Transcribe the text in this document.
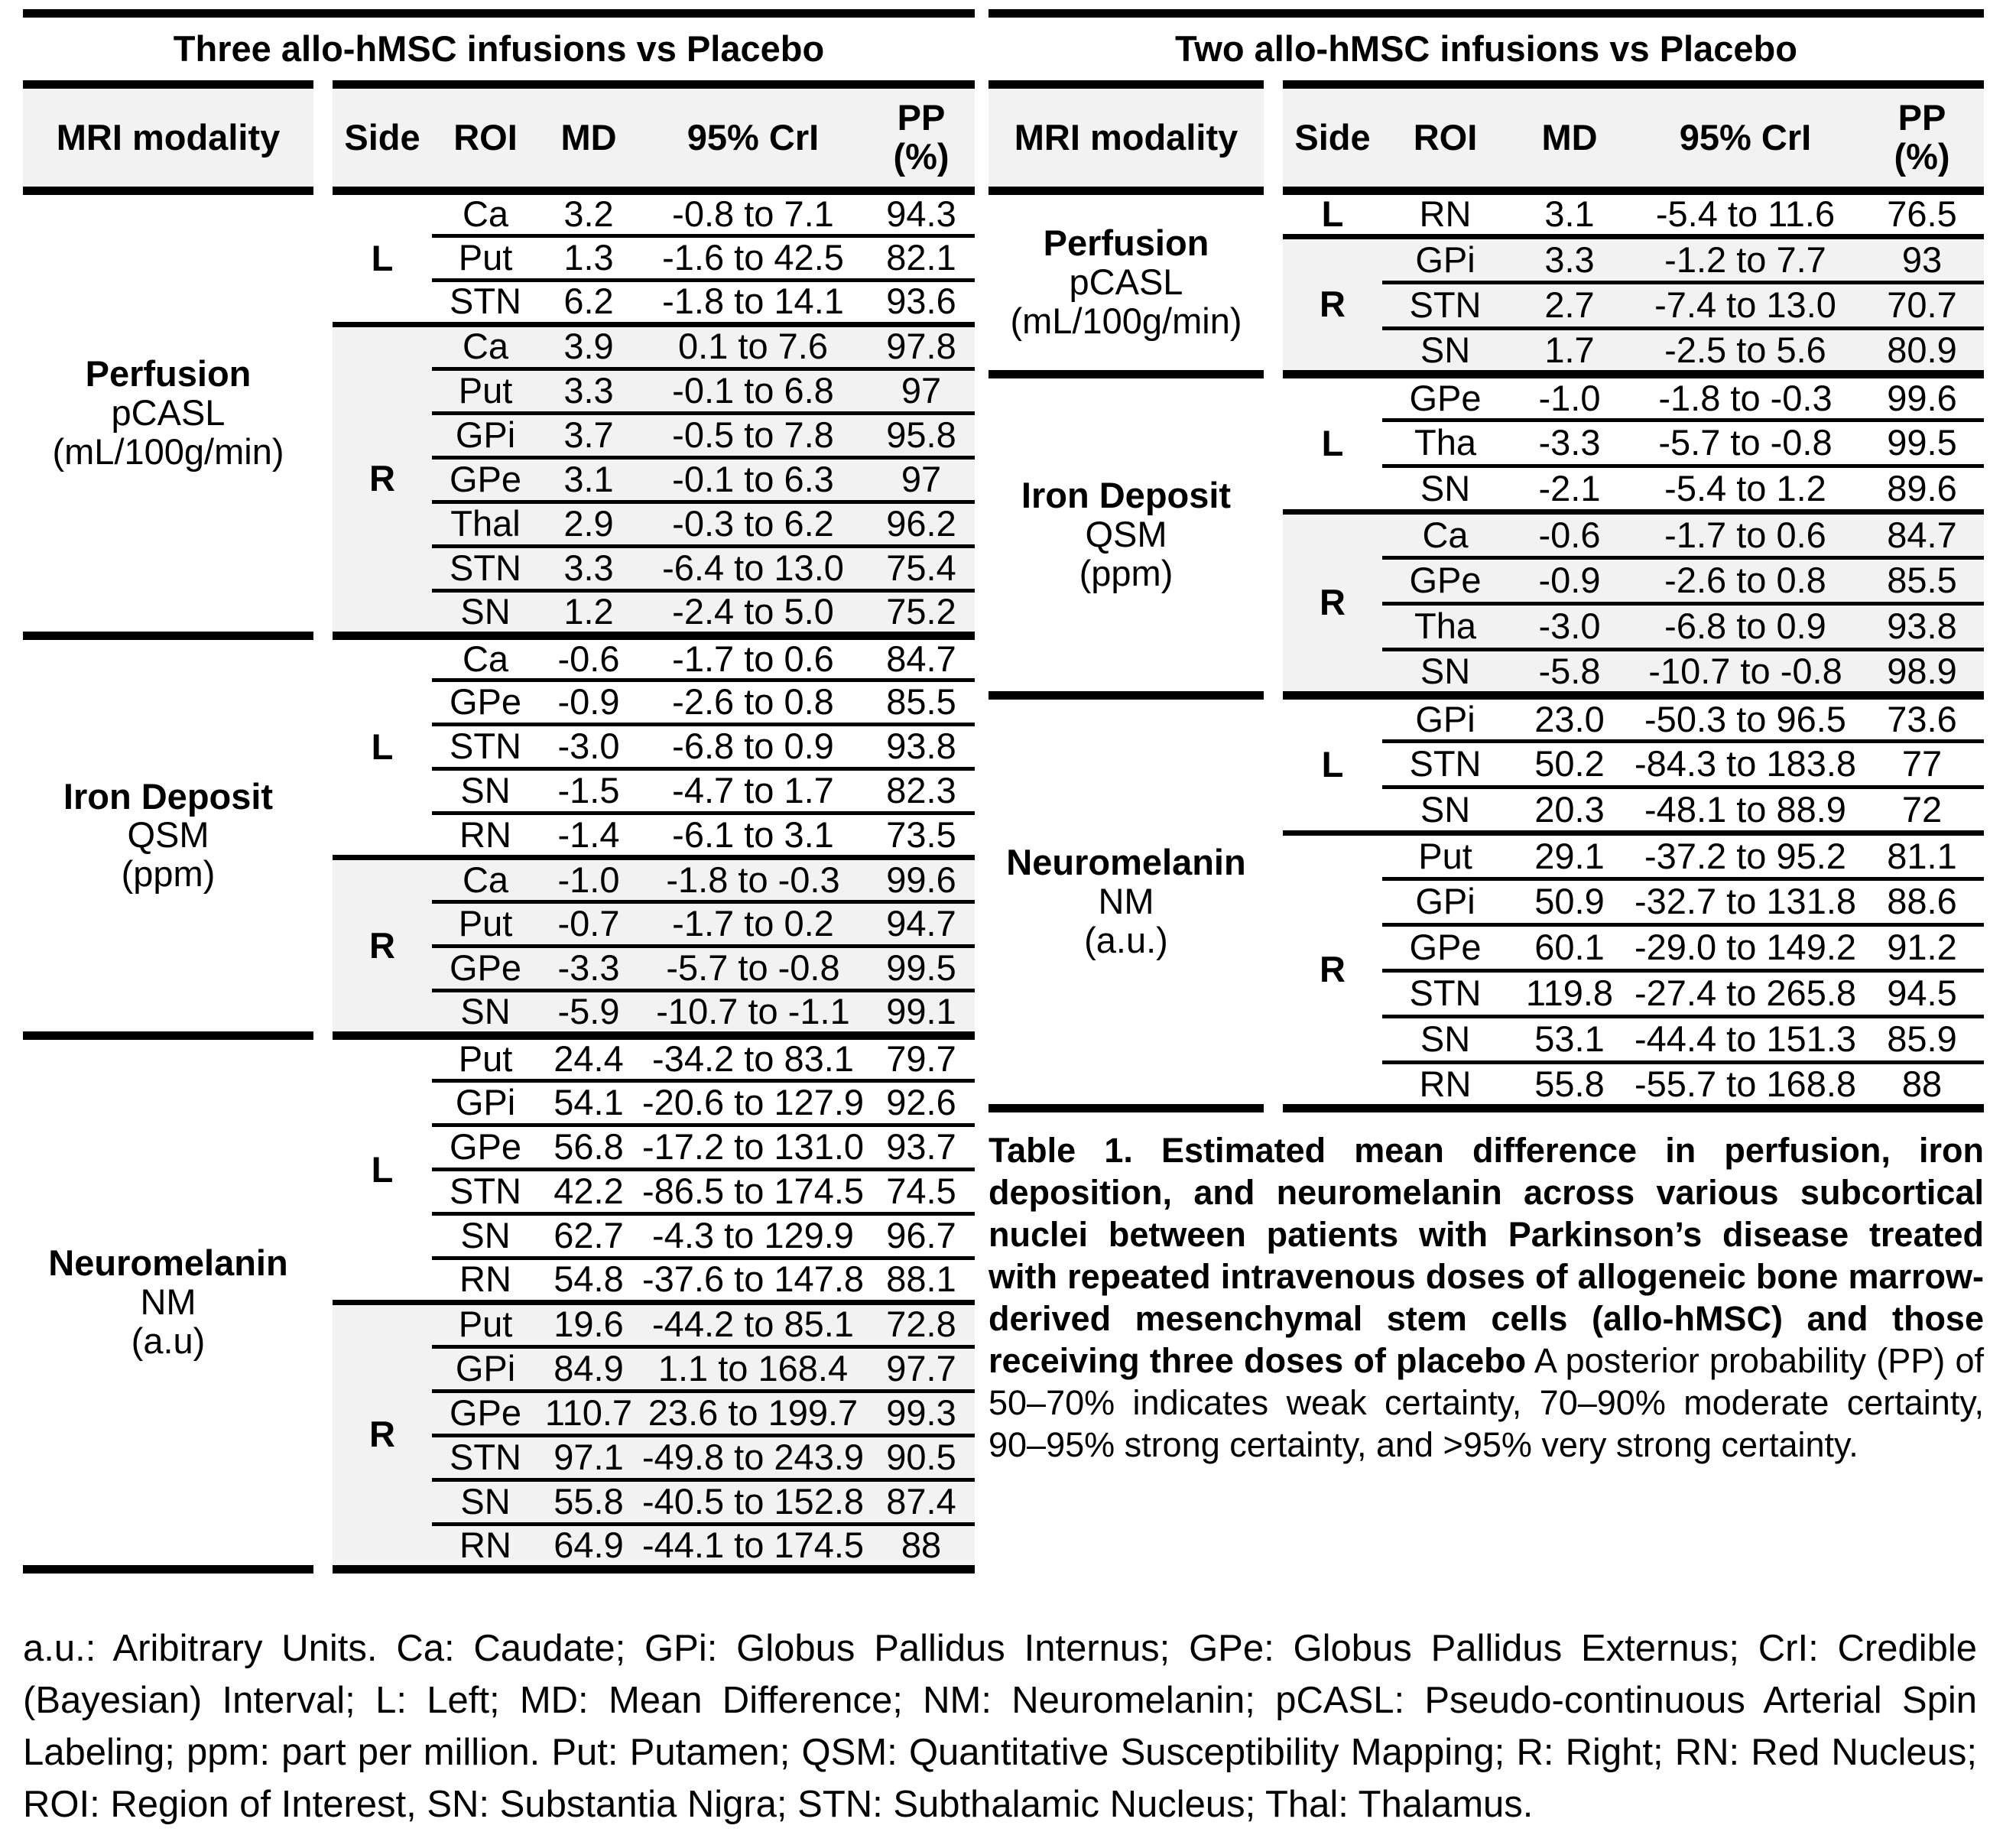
Three allo-hMSC infusions vs Placebo						
MRI modality		Side	ROI	MD	95% CrI	PP
(%)

Perfusion
pCASL
(mL/100g/min)		L	Ca	3.2	-0.8 to 7.1	94.3
			Put	1.3	-1.6 to 42.5	82.1
			STN	6.2	-1.8 to 14.1	93.6
		R	Ca	3.9	0.1 to 7.6	97.8
			Put	3.3	-0.1 to 6.8	97
			GPi	3.7	-0.5 to 7.8	95.8
			GPe	3.1	-0.1 to 6.3	97
			Thal	2.9	-0.3 to 6.2	96.2
			STN	3.3	-6.4 to 13.0	75.4
			SN	1.2	-2.4 to 5.0	75.2

Iron Deposit
QSM
(ppm)		L	Ca	-0.6	-1.7 to 0.6	84.7
			GPe	-0.9	-2.6 to 0.8	85.5
			STN	-3.0	-6.8 to 0.9	93.8
			SN	-1.5	-4.7 to 1.7	82.3
			RN	-1.4	-6.1 to 3.1	73.5
		R	Ca	-1.0	-1.8 to -0.3	99.6
			Put	-0.7	-1.7 to 0.2	94.7
			GPe	-3.3	-5.7 to -0.8	99.5
			SN	-5.9	-10.7 to -1.1	99.1

Neuromelanin
NM
(a.u)		L	Put	24.4	-34.2 to 83.1	79.7
			GPi	54.1	-20.6 to 127.9	92.6
			GPe	56.8	-17.2 to 131.0	93.7
			STN	42.2	-86.5 to 174.5	74.5
			SN	62.7	-4.3 to 129.9	96.7
			RN	54.8	-37.6 to 147.8	88.1
		R	Put	19.6	-44.2 to 85.1	72.8
			GPi	84.9	1.1 to 168.4	97.7
			GPe	110.7	23.6 to 199.7	99.3
			STN	97.1	-49.8 to 243.9	90.5
			SN	55.8	-40.5 to 152.8	87.4
			RN	64.9	-44.1 to 174.5	88
Two allo-hMSC infusions vs Placebo						
MRI modality		Side	ROI	MD	95% CrI	PP
(%)

Perfusion
pCASL
(mL/100g/min)		L	RN	3.1	-5.4 to 11.6	76.5
		R	GPi	3.3	-1.2 to 7.7	93
			STN	2.7	-7.4 to 13.0	70.7
			SN	1.7	-2.5 to 5.6	80.9

Iron Deposit
QSM
(ppm)		L	GPe	-1.0	-1.8 to -0.3	99.6
			Tha	-3.3	-5.7 to -0.8	99.5
			SN	-2.1	-5.4 to 1.2	89.6
		R	Ca	-0.6	-1.7 to 0.6	84.7
			GPe	-0.9	-2.6 to 0.8	85.5
			Tha	-3.0	-6.8 to 0.9	93.8
			SN	-5.8	-10.7 to -0.8	98.9

Neuromelanin
NM
(a.u.)		L	GPi	23.0	-50.3 to 96.5	73.6
			STN	50.2	-84.3 to 183.8	77
			SN	20.3	-48.1 to 88.9	72
		R	Put	29.1	-37.2 to 95.2	81.1
			GPi	50.9	-32.7 to 131.8	88.6
			GPe	60.1	-29.0 to 149.2	91.2
			STN	119.8	-27.4 to 265.8	94.5
			SN	53.1	-44.4 to 151.3	85.9
			RN	55.8	-55.7 to 168.8	88
Table 1. Estimated mean difference in perfusion, iron deposition, and neuromelanin across various subcortical nuclei between patients with Parkinson’s disease treated with repeated intravenous doses of allogeneic bone marrow-derived mesenchymal stem cells (allo-hMSC) and those receiving three doses of placebo A posterior probability (PP) of 50–70% indicates weak certainty, 70–90% moderate certainty, 90–95% strong certainty, and >95% very strong certainty.
a.u.: Aribitrary Units. Ca: Caudate; GPi: Globus Pallidus Internus; GPe: Globus Pallidus Externus; CrI: Credible (Bayesian) Interval; L: Left; MD: Mean Difference; NM: Neuromelanin; pCASL: Pseudo-continuous Arterial Spin Labeling; ppm: part per million. Put: Putamen; QSM: Quantitative Susceptibility Mapping; R: Right; RN: Red Nucleus; ROI: Region of Interest, SN: Substantia Nigra; STN: Subthalamic Nucleus; Thal: Thalamus.
